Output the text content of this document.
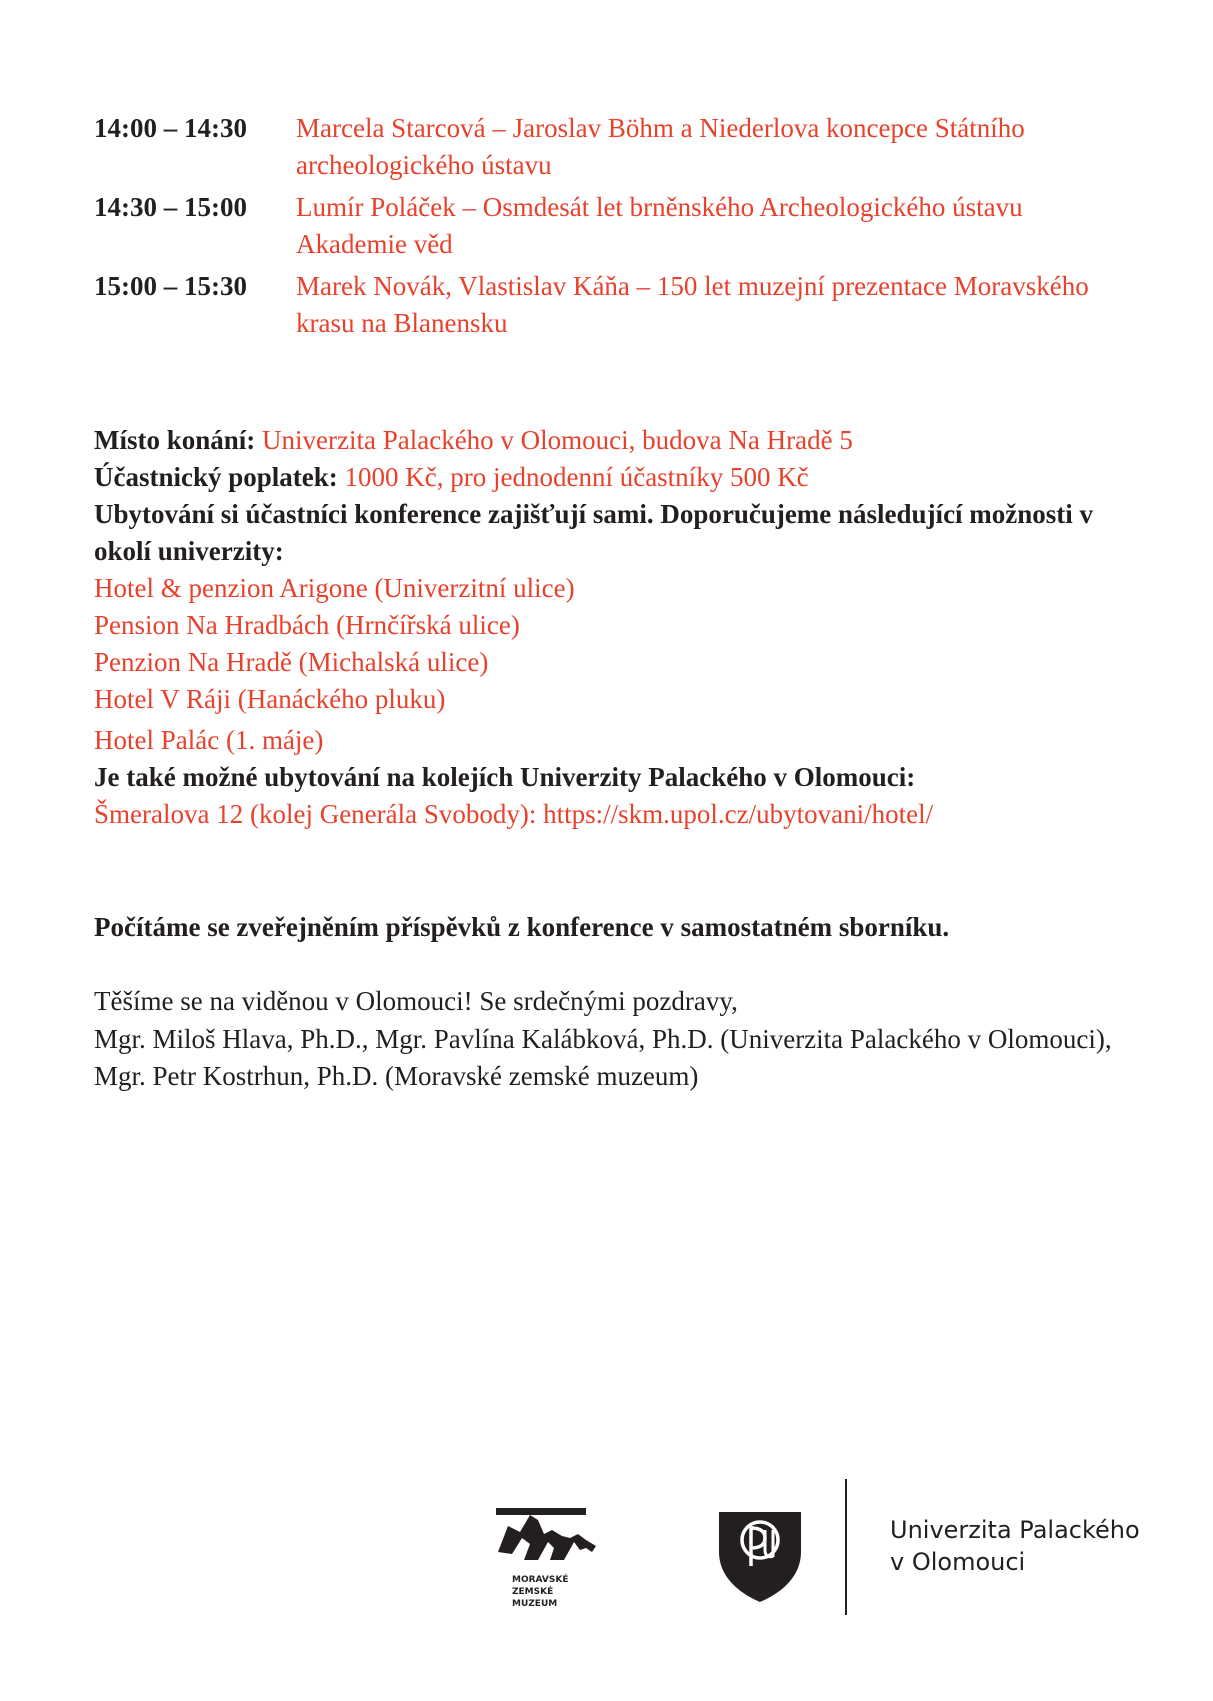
14:00 – 14:30	Marcela Starcová – Jaroslav Böhm a Niederlova koncepce Státního archeologického ústavu
14:30 – 15:00	Lumír Poláček – Osmdesát let brněnského Archeologického ústavu Akademie věd
15:00 – 15:30	Marek Novák, Vlastislav Káňa – 150 let muzejní prezentace Moravského krasu na Blanensku
Místo konání: Univerzita Palackého v Olomouci, budova Na Hradě 5
Účastnický poplatek: 1000 Kč, pro jednodenní účastníky 500 Kč
Ubytování si účastníci konference zajišťují sami. Doporučujeme následující možnosti v okolí univerzity:
Hotel & penzion Arigone (Univerzitní ulice)
Pension Na Hradbách (Hrnčířská ulice)
Penzion Na Hradě (Michalská ulice)
Hotel V Ráji (Hanáckého pluku)
Hotel Palác (1. máje)
Je také možné ubytování na kolejích Univerzity Palackého v Olomouci:
Šmeralova 12 (kolej Generála Svobody): https://skm.upol.cz/ubytovani/hotel/
Počítáme se zveřejněním příspěvků z konference v samostatném sborníku.
Těšíme se na viděnou v Olomouci! Se srdečnými pozdravy,
Mgr. Miloš Hlava, Ph.D., Mgr. Pavlína Kalábková, Ph.D. (Univerzita Palackého v Olomouci), Mgr. Petr Kostrhun, Ph.D. (Moravské zemské muzeum)
MORAVSKÉ
ZEMSKÉ
MUZEUM
Univerzita Palackého
v Olomouci
